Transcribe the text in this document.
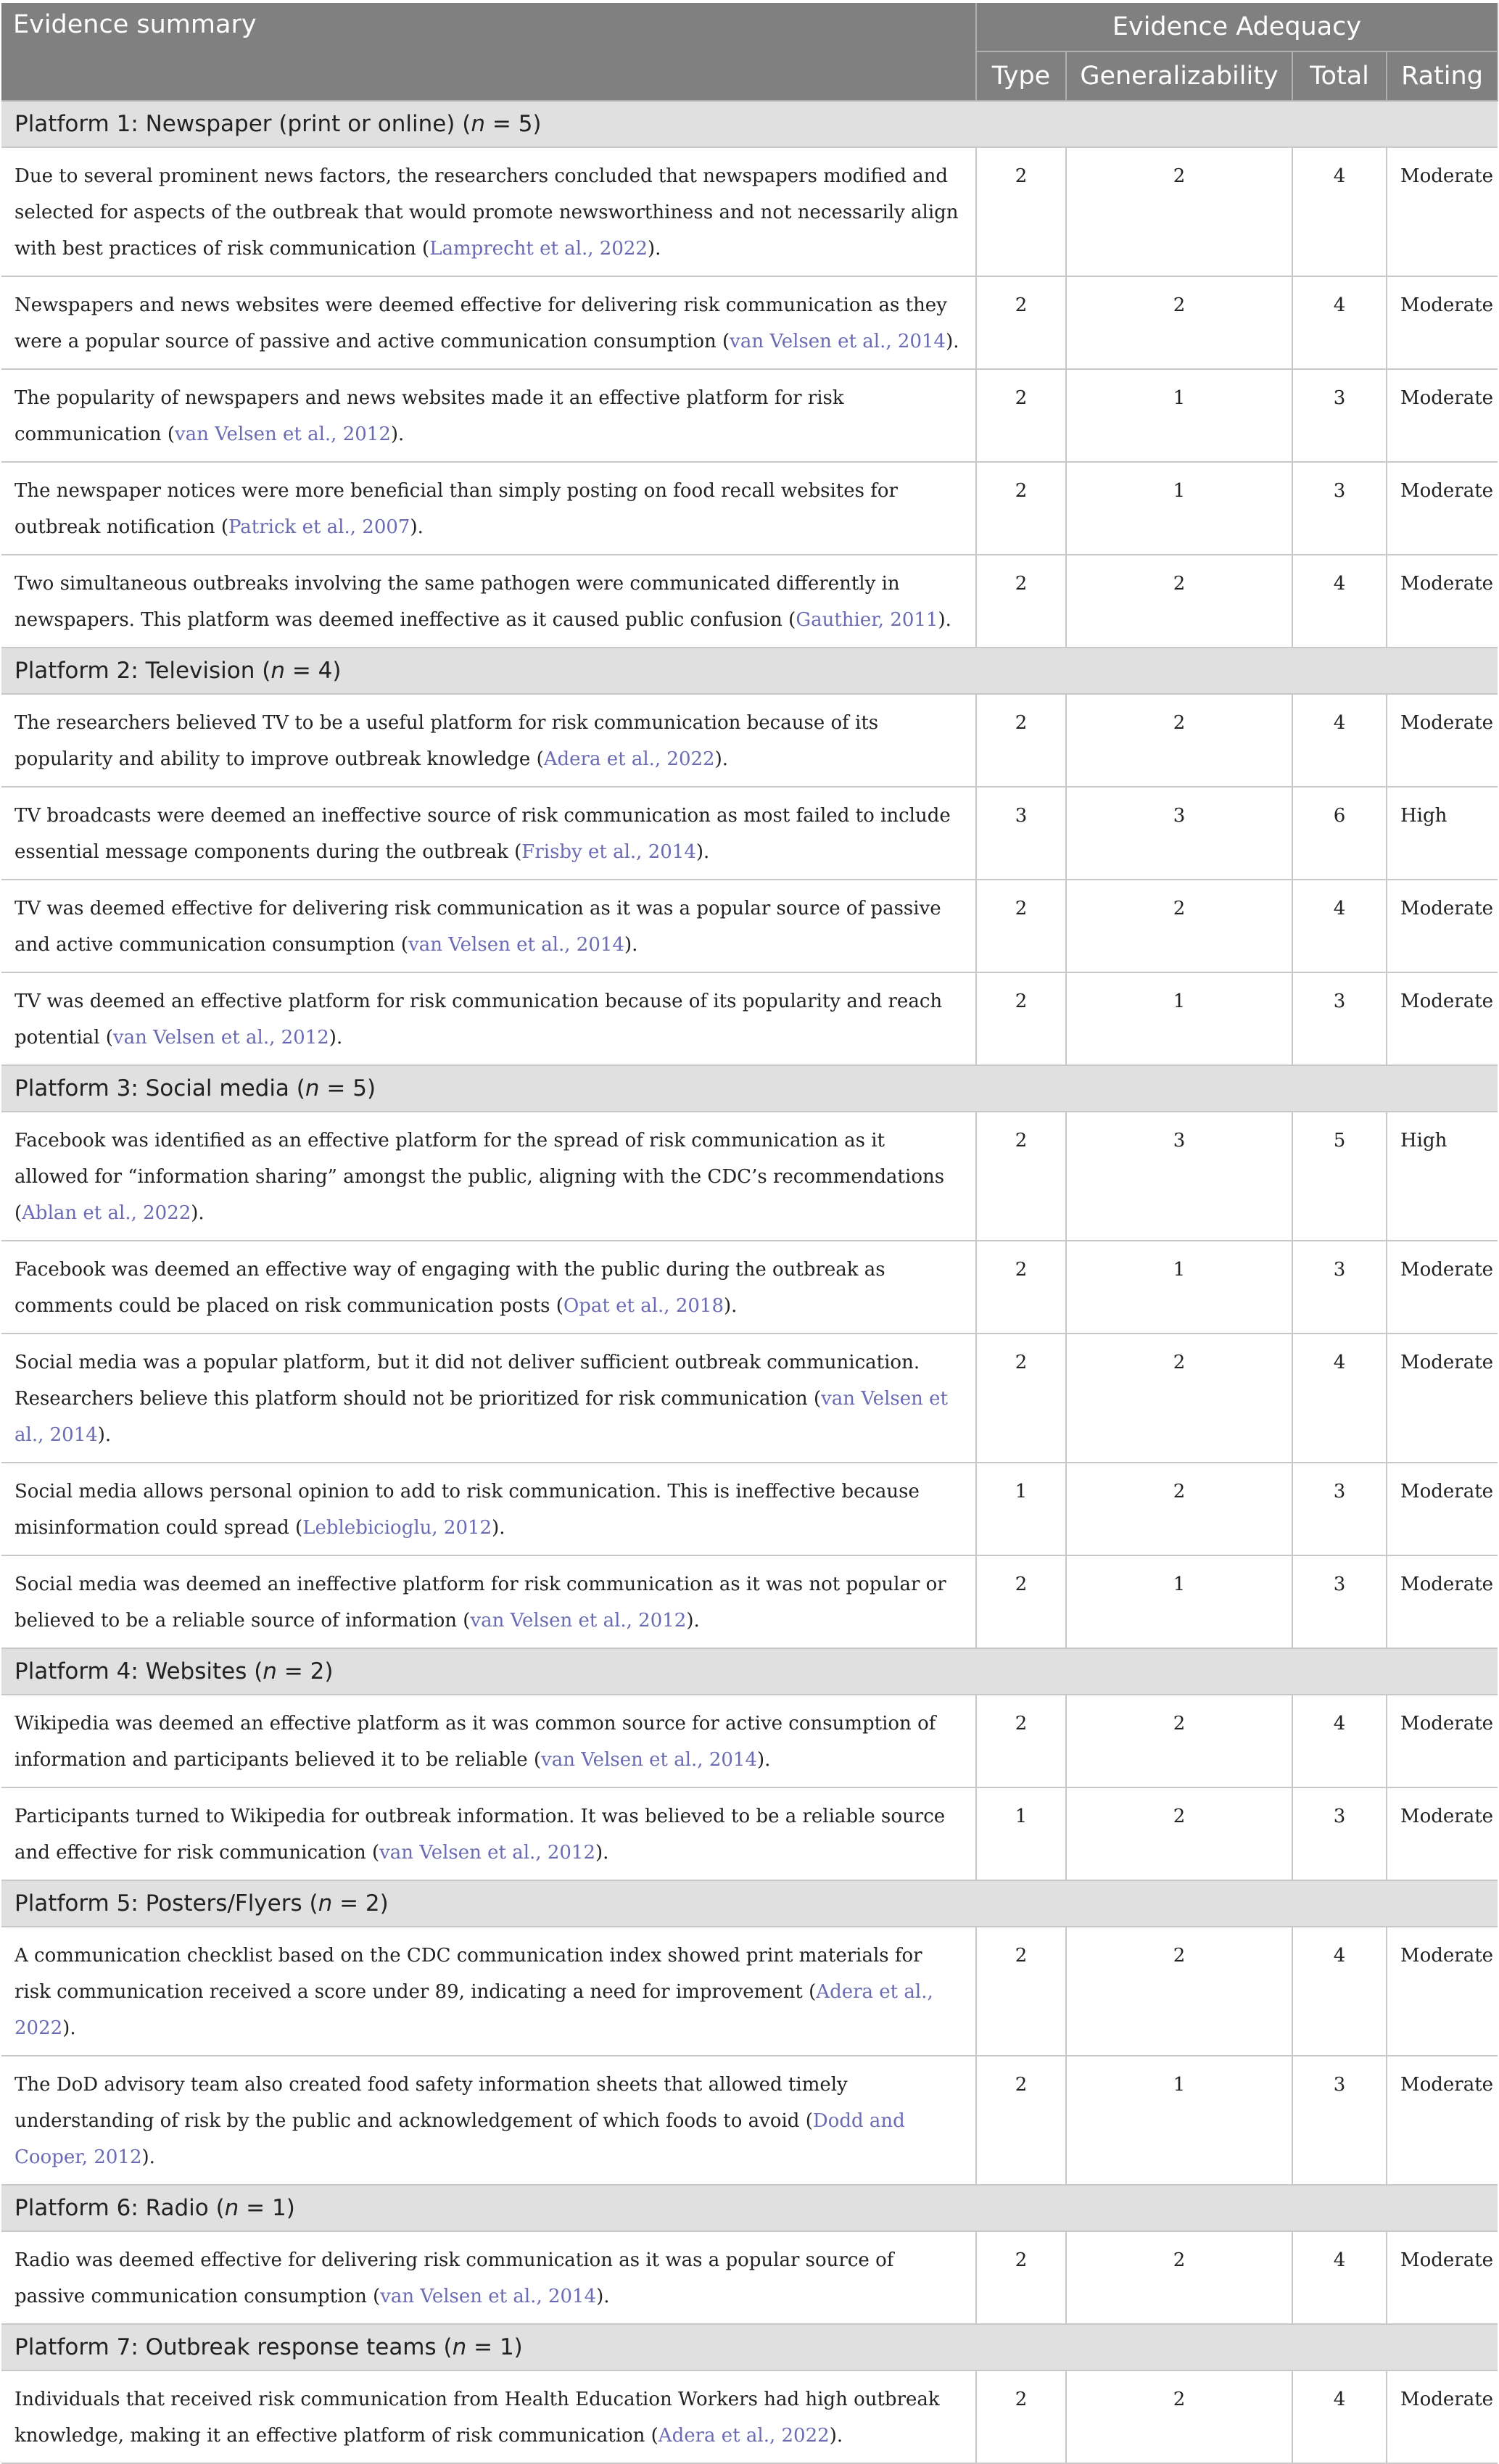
Evidence summary	Evidence Adequacy			
	Type	Generalizability	Total	Rating
Platform 1: Newspaper (print or online) (n = 5)				
Due to several prominent news factors, the researchers concluded that newspapers modified and selected for aspects of the outbreak that would promote newsworthiness and not necessarily align with best practices of risk communication (Lamprecht et al., 2022).	2	2	4	Moderate
Newspapers and news websites were deemed effective for delivering risk communication as they were a popular source of passive and active communication consumption (van Velsen et al., 2014).	2	2	4	Moderate
The popularity of newspapers and news websites made it an effective platform for risk communication (van Velsen et al., 2012).	2	1	3	Moderate
The newspaper notices were more beneficial than simply posting on food recall websites for outbreak notification (Patrick et al., 2007).	2	1	3	Moderate
Two simultaneous outbreaks involving the same pathogen were communicated differently in newspapers. This platform was deemed ineffective as it caused public confusion (Gauthier, 2011).	2	2	4	Moderate
Platform 2: Television (n = 4)				
The researchers believed TV to be a useful platform for risk communication because of its popularity and ability to improve outbreak knowledge (Adera et al., 2022).	2	2	4	Moderate
TV broadcasts were deemed an ineffective source of risk communication as most failed to include essential message components during the outbreak (Frisby et al., 2014).	3	3	6	High
TV was deemed effective for delivering risk communication as it was a popular source of passive and active communication consumption (van Velsen et al., 2014).	2	2	4	Moderate
TV was deemed an effective platform for risk communication because of its popularity and reach potential (van Velsen et al., 2012).	2	1	3	Moderate
Platform 3: Social media (n = 5)				
Facebook was identified as an effective platform for the spread of risk communication as it allowed for “information sharing” amongst the public, aligning with the CDC’s recommendations (Ablan et al., 2022).	2	3	5	High
Facebook was deemed an effective way of engaging with the public during the outbreak as comments could be placed on risk communication posts (Opat et al., 2018).	2	1	3	Moderate
Social media was a popular platform, but it did not deliver sufficient outbreak communication. Researchers believe this platform should not be prioritized for risk communication (van Velsen et al., 2014).	2	2	4	Moderate
Social media allows personal opinion to add to risk communication. This is ineffective because misinformation could spread (Leblebicioglu, 2012).	1	2	3	Moderate
Social media was deemed an ineffective platform for risk communication as it was not popular or believed to be a reliable source of information (van Velsen et al., 2012).	2	1	3	Moderate
Platform 4: Websites (n = 2)				
Wikipedia was deemed an effective platform as it was common source for active consumption of information and participants believed it to be reliable (van Velsen et al., 2014).	2	2	4	Moderate
Participants turned to Wikipedia for outbreak information. It was believed to be a reliable source and effective for risk communication (van Velsen et al., 2012).	1	2	3	Moderate
Platform 5: Posters/Flyers (n = 2)				
A communication checklist based on the CDC communication index showed print materials for risk communication received a score under 89, indicating a need for improvement (Adera et al., 2022).	2	2	4	Moderate
The DoD advisory team also created food safety information sheets that allowed timely understanding of risk by the public and acknowledgement of which foods to avoid (Dodd and Cooper, 2012).	2	1	3	Moderate
Platform 6: Radio (n = 1)				
Radio was deemed effective for delivering risk communication as it was a popular source of passive communication consumption (van Velsen et al., 2014).	2	2	4	Moderate
Platform 7: Outbreak response teams (n = 1)				
Individuals that received risk communication from Health Education Workers had high outbreak knowledge, making it an effective platform of risk communication (Adera et al., 2022).	2	2	4	Moderate
